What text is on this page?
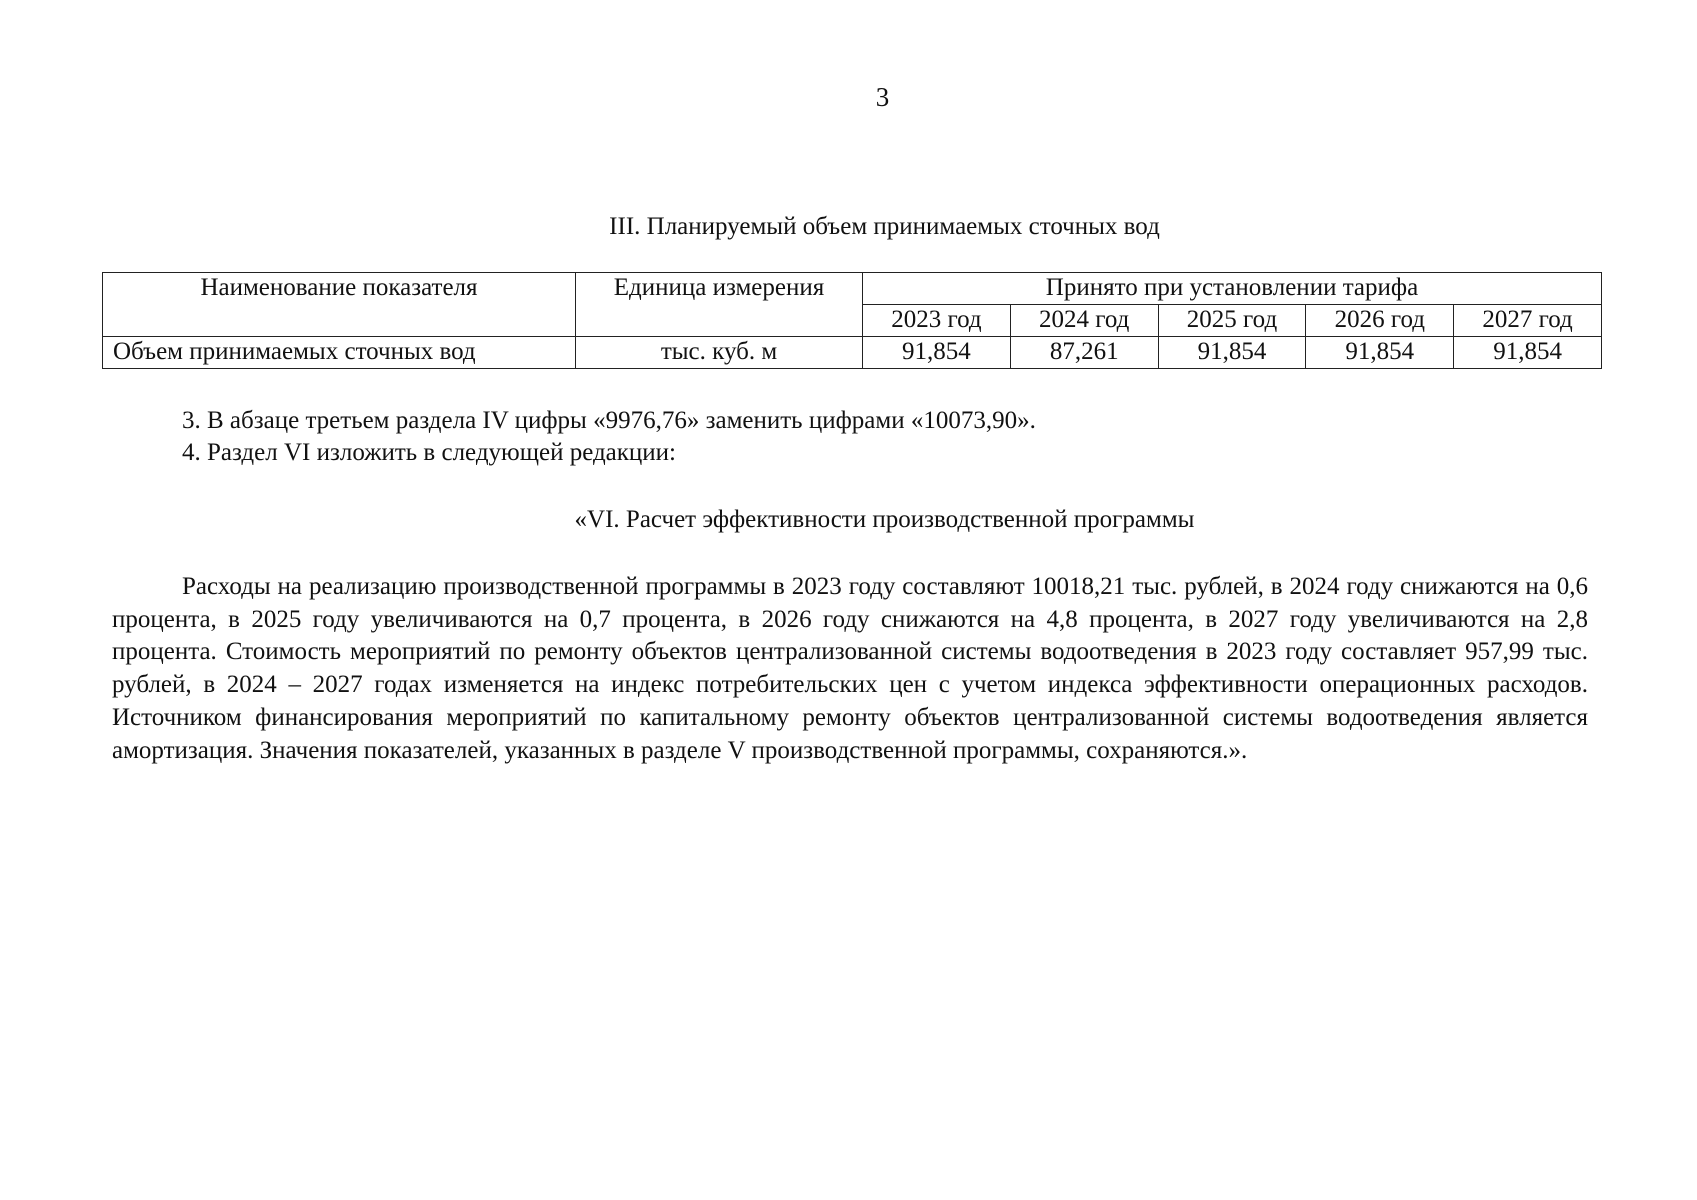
3
III. Планируемый объем принимаемых сточных вод
Наименование показателя	Единица измерения	Принято при установлении тарифа				
		2023 год	2024 год	2025 год	2026 год	2027 год
Объем принимаемых сточных вод	тыс. куб. м	91,854	87,261	91,854	91,854	91,854
3. В абзаце третьем раздела IV цифры «9976,76» заменить цифрами «10073,90».
4. Раздел VI изложить в следующей редакции:
«VI. Расчет эффективности производственной программы
Расходы на реализацию производственной программы в 2023 году составляют 10018,21 тыс. рублей, в 2024 году снижаются на 0,6 процента, в 2025 году увеличиваются на 0,7 процента, в 2026 году снижаются на 4,8 процента, в 2027 году увеличиваются на 2,8 процента. Стоимость мероприятий по ремонту объектов централизованной системы водоотведения в 2023 году составляет 957,99 тыс. рублей, в 2024 – 2027 годах изменяется на индекс потребительских цен с учетом индекса эффективности операционных расходов. Источником финансирования мероприятий по капитальному ремонту объектов централизованной системы водоотведения является амортизация. Значения показателей, указанных в разделе V производственной программы, сохраняются.».
